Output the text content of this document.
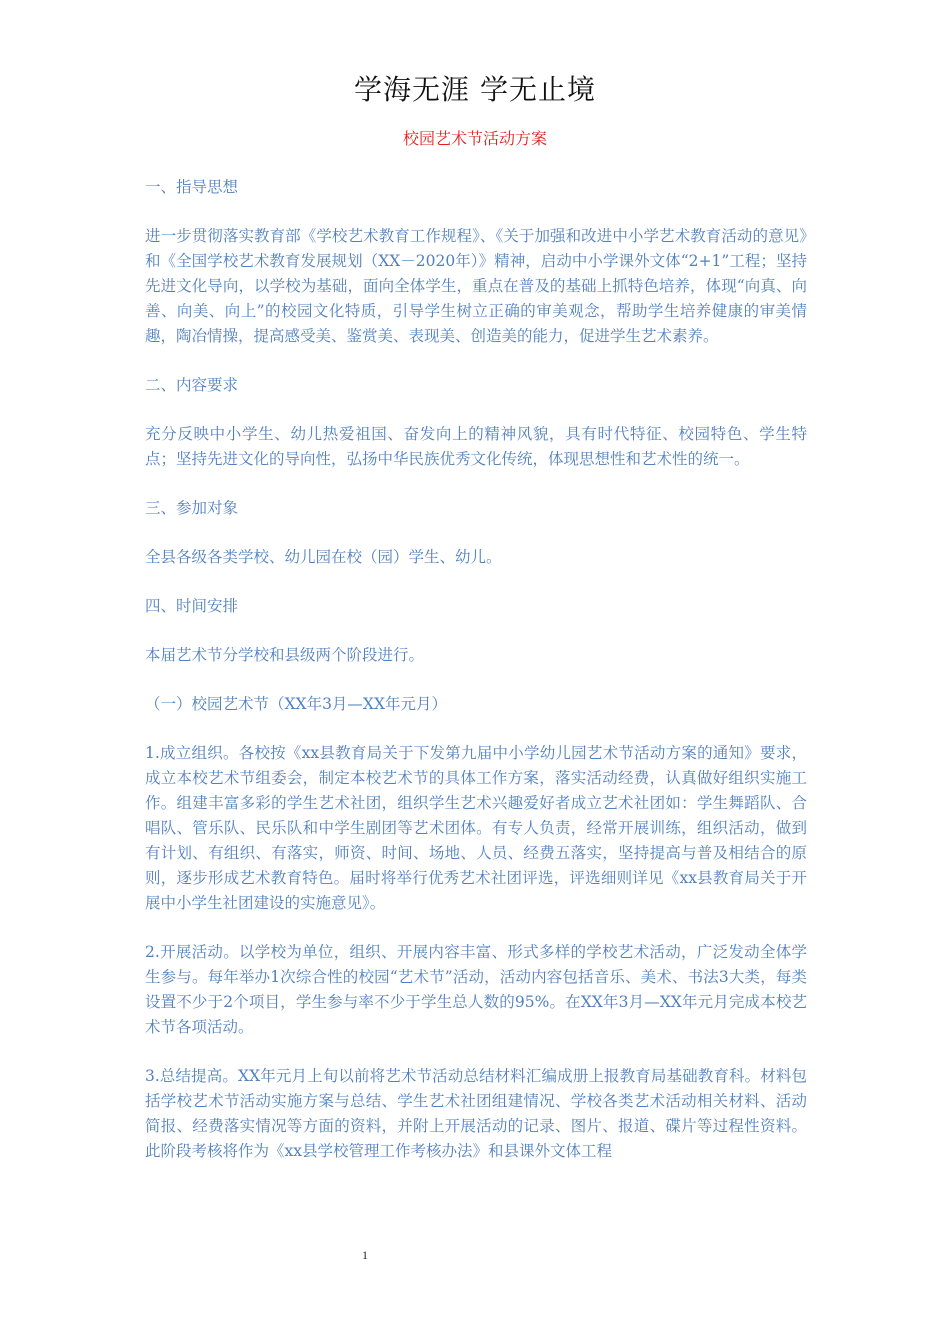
学海无涯 学无止境
校园艺术节活动方案

一、指导思想

进一步贯彻落实教育部《学校艺术教育工作规程》、《关于加强和改进中小学艺术教育活动的意见》和《全国学校艺术教育发展规划（XX－2020年）》精神，启动中小学课外文体“2+1”工程；坚持先进文化导向，以学校为基础，面向全体学生，重点在普及的基础上抓特色培养，体现“向真、向善、向美、向上”的校园文化特质，引导学生树立正确的审美观念，帮助学生培养健康的审美情趣，陶冶情操，提高感受美、鉴赏美、表现美、创造美的能力，促进学生艺术素养。

二、内容要求

充分反映中小学生、幼儿热爱祖国、奋发向上的精神风貌，具有时代特征、校园特色、学生特点；坚持先进文化的导向性，弘扬中华民族优秀文化传统，体现思想性和艺术性的统一。

三、参加对象

全县各级各类学校、幼儿园在校（园）学生、幼儿。

四、时间安排

本届艺术节分学校和县级两个阶段进行。

（一）校园艺术节（XX年3月—XX年元月）

1.成立组织。各校按《xx县教育局关于下发第九届中小学幼儿园艺术节活动方案的通知》要求，成立本校艺术节组委会，制定本校艺术节的具体工作方案，落实活动经费，认真做好组织实施工作。组建丰富多彩的学生艺术社团，组织学生艺术兴趣爱好者成立艺术社团如：学生舞蹈队、合唱队、管乐队、民乐队和中学生剧团等艺术团体。有专人负责，经常开展训练，组织活动，做到有计划、有组织、有落实，师资、时间、场地、人员、经费五落实，坚持提高与普及相结合的原则，逐步形成艺术教育特色。届时将举行优秀艺术社团评选，评选细则详见《xx县教育局关于开展中小学生社团建设的实施意见》。

2.开展活动。以学校为单位，组织、开展内容丰富、形式多样的学校艺术活动，广泛发动全体学生参与。每年举办1次综合性的校园“艺术节”活动，活动内容包括音乐、美术、书法3大类，每类设置不少于2个项目，学生参与率不少于学生总人数的95%。在XX年3月—XX年元月完成本校艺术节各项活动。

3.总结提高。XX年元月上旬以前将艺术节活动总结材料汇编成册上报教育局基础教育科。材料包括学校艺术节活动实施方案与总结、学生艺术社团组建情况、学校各类艺术活动相关材料、活动简报、经费落实情况等方面的资料，并附上开展活动的记录、图片、报道、碟片等过程性资料。此阶段考核将作为《xx县学校管理工作考核办法》和县课外文体工程

1
